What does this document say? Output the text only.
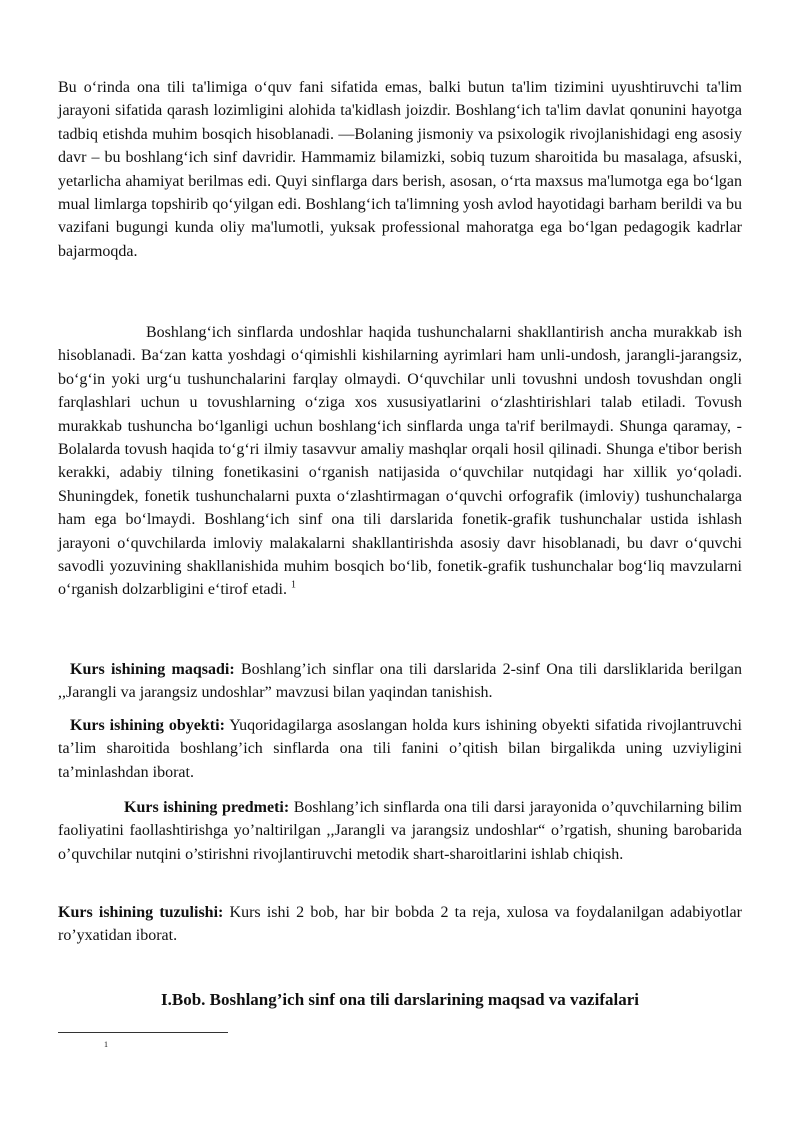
Bu o‘rinda ona tili ta'limiga o‘quv fani sifatida emas, balki butun ta'lim tizimini uyushtiruvchi ta'lim jarayoni sifatida qarash lozimligini alohida ta'kidlash joizdir. Boshlang‘ich ta'lim davlat qonunini hayotga tadbiq etishda muhim bosqich hisoblanadi. —Bolaning jismoniy va psixologik rivojlanishidagi eng asosiy davr – bu boshlang‘ich sinf davridir. Hammamiz bilamizki, sobiq tuzum sharoitida bu masalaga, afsuski, yetarlicha ahamiyat berilmas edi. Quyi sinflarga dars berish, asosan, o‘rta maxsus ma'lumotga ega bo‘lgan mual limlarga topshirib qo‘yilgan edi. Boshlang‘ich ta'limning yosh avlod hayotidagi barham berildi va bu vazifani bugungi kunda oliy ma'lumotli, yuksak professional mahoratga ega bo‘lgan pedagogik kadrlar bajarmoqda.

Boshlang‘ich sinflarda undoshlar haqida tushunchalarni shakllantirish ancha murakkab ish hisoblanadi. Ba‘zan katta yoshdagi o‘qimishli kishilarning ayrimlari ham unli-undosh, jarangli-jarangsiz, bo‘g‘in yoki urg‘u tushunchalarini farqlay olmaydi. O‘quvchilar unli tovushni undosh tovushdan ongli farqlashlari uchun u tovushlarning o‘ziga xos xususiyatlarini o‘zlashtirishlari talab etiladi. Tovush murakkab tushuncha bo‘lganligi uchun boshlang‘ich sinflarda unga ta'rif berilmaydi. Shunga qaramay, -Bolalarda tovush haqida to‘g‘ri ilmiy tasavvur amaliy mashqlar orqali hosil qilinadi. Shunga e'tibor berish kerakki, adabiy tilning fonetikasini o‘rganish natijasida o‘quvchilar nutqidagi har xillik yo‘qoladi. Shuningdek, fonetik tushunchalarni puxta o‘zlashtirmagan o‘quvchi orfografik (imloviy) tushunchalarga ham ega bo‘lmaydi. Boshlang‘ich sinf ona tili darslarida fonetik-grafik tushunchalar ustida ishlash jarayoni o‘quvchilarda imloviy malakalarni shakllantirishda asosiy davr hisoblanadi, bu davr o‘quvchi savodli yozuvining shakllanishida muhim bosqich bo‘lib, fonetik-grafik tushunchalar bog‘liq mavzularni o‘rganish dolzarbligini e‘tirof etadi. $^1$

Kurs ishining maqsadi: Boshlang’ich sinflar ona tili darslarida 2-sinf Ona tili darsliklarida berilgan ,,Jarangli va jarangsiz undoshlar” mavzusi bilan yaqindan tanishish.

Kurs ishining obyekti: Yuqoridagilarga asoslangan holda kurs ishining obyekti sifatida rivojlantruvchi ta’lim sharoitida boshlang’ich sinflarda ona tili fanini o’qitish bilan birgalikda uning uzviyligini ta’minlashdan iborat.

Kurs ishining predmeti: Boshlang’ich sinflarda ona tili darsi jarayonida o’quvchilarning bilim faoliyatini faollashtirishga yo’naltirilgan ,,Jarangli va jarangsiz undoshlar“ o’rgatish, shuning barobarida o’quvchilar nutqini o’stirishni rivojlantiruvchi metodik shart-sharoitlarini ishlab chiqish.

Kurs ishining tuzulishi: Kurs ishi 2 bob, har bir bobda 2 ta reja, xulosa va foydalanilgan adabiyotlar ro’yxatidan iborat.

I.Bob. Boshlang’ich sinf ona tili darslarining maqsad va vazifalari
1
